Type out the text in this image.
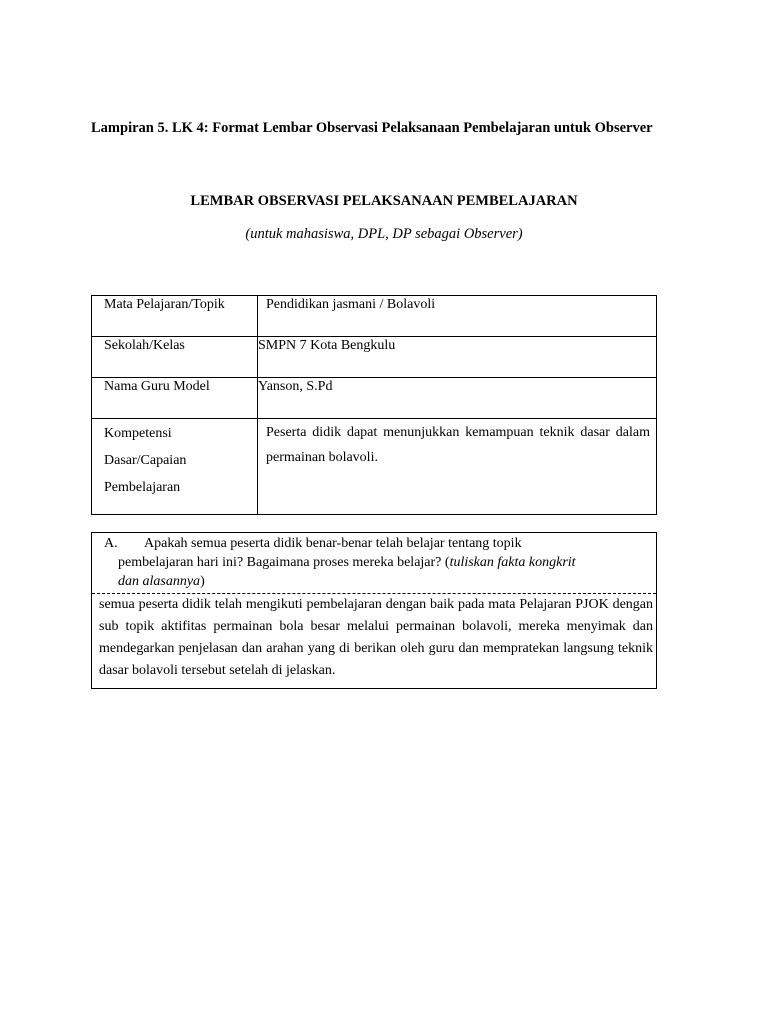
Lampiran 5. LK 4: Format Lembar Observasi Pelaksanaan Pembelajaran untuk Observer
LEMBAR OBSERVASI PELAKSANAAN PEMBELAJARAN
(untuk mahasiswa, DPL, DP sebagai Observer)
Mata Pelajaran/Topik	Pendidikan jasmani / Bolavoli
Sekolah/Kelas	SMPN 7 Kota Bengkulu
Nama Guru Model	Yanson, S.Pd

Kompetensi
Dasar/Capaian
Pembelajaran	Peserta didik dapat menunjukkan kemampuan teknik dasar dalam permainan bolavoli.
A. Apakah semua peserta didik benar-benar telah belajar tentang topik
pembelajaran hari ini? Bagaimana proses mereka belajar? (tuliskan fakta kongkrit
dan alasannya)
semua peserta didik telah mengikuti pembelajaran dengan baik pada mata Pelajaran PJOK dengan sub topik aktifitas permainan bola besar melalui permainan bolavoli, mereka menyimak dan mendegarkan penjelasan dan arahan yang di berikan oleh guru dan mempratekan langsung teknik dasar bolavoli tersebut setelah di jelaskan.
